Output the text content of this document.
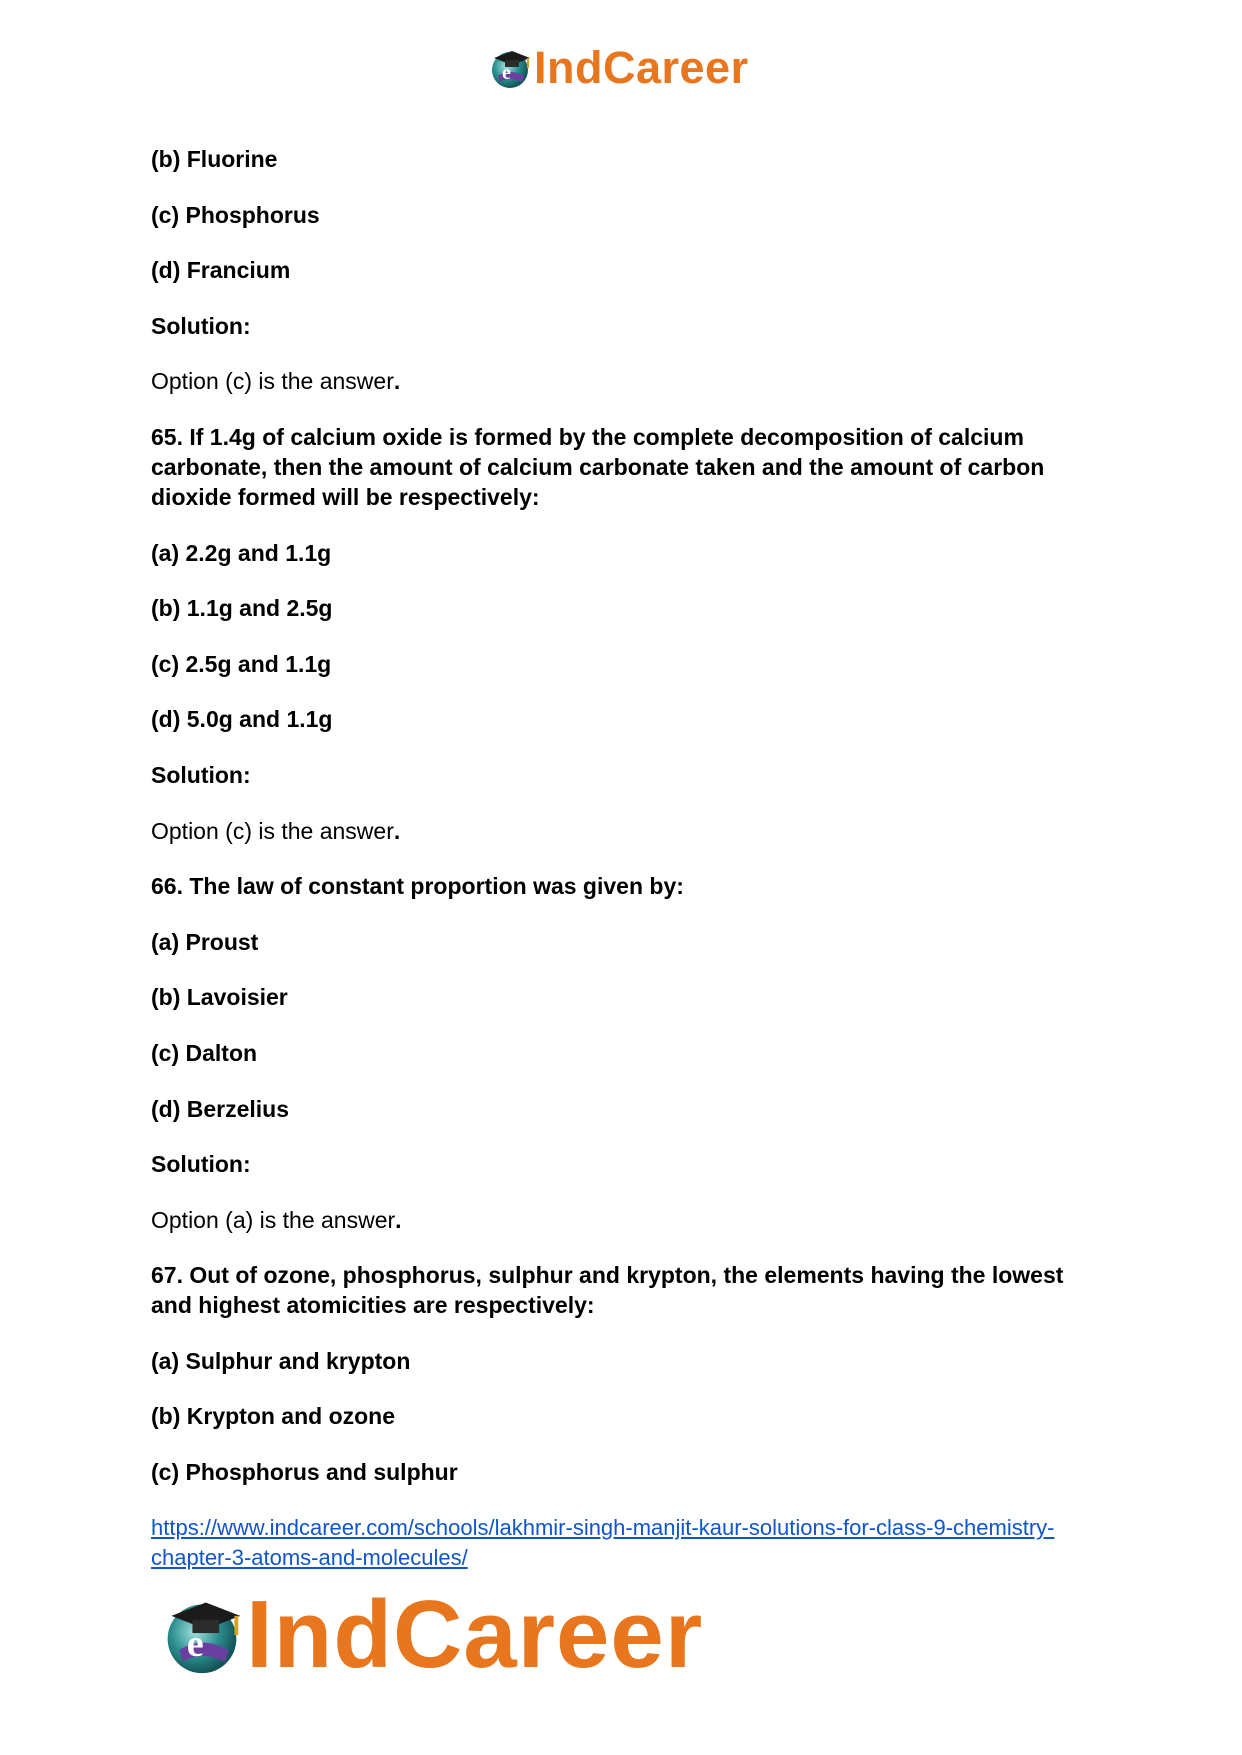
e IndCareer

(b) Fluorine

(c) Phosphorus

(d) Francium

Solution:

Option (c) is the answer.

65. If 1.4g of calcium oxide is formed by the complete decomposition of calcium carbonate, then the amount of calcium carbonate taken and the amount of carbon dioxide formed will be respectively:

(a) 2.2g and 1.1g

(b) 1.1g and 2.5g

(c) 2.5g and 1.1g

(d) 5.0g and 1.1g

Solution:

Option (c) is the answer.

66. The law of constant proportion was given by:

(a) Proust

(b) Lavoisier

(c) Dalton

(d) Berzelius

Solution:

Option (a) is the answer.

67. Out of ozone, phosphorus, sulphur and krypton, the elements having the lowest and highest atomicities are respectively:

(a) Sulphur and krypton

(b) Krypton and ozone

(c) Phosphorus and sulphur

https://www.indcareer.com/schools/lakhmir-singh-manjit-kaur-solutions-for-class-9-chemistry-chapter-3-atoms-and-molecules/
e IndCareer
